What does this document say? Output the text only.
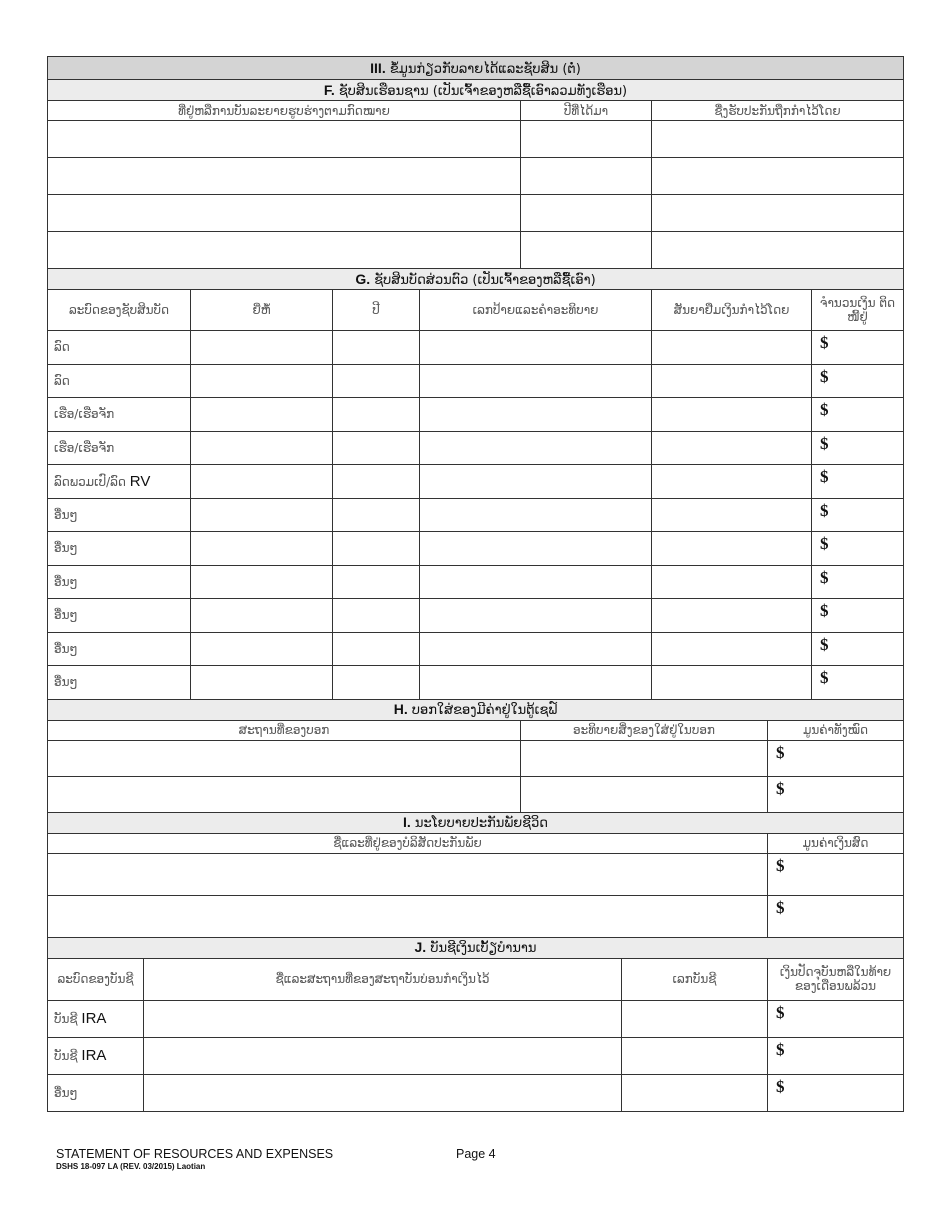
III. ຂໍ້ມູນກ່ຽວກັບລາຍໄດ້ແລະຊັບສິນ (ຕໍ່)		
F. ຊັບສິນເຮືອນຊານ (ເປັນເຈົ້າຂອງຫລືຊື້ເອົາລວມທັງເຮືອນ)		
ທີ່ຢູ່ຫລືການບັນລະຍາຍຮູບຮ່າງຕາມກົດໝາຍ	ປີທີ່ໄດ້ມາ	ຊື່ງຮັບປະກັນຖືກກຳໄວ້ໂດຍ

G. ຊັບສິນບັດສ່ວນຕົວ (ເປັນເຈົ້າຂອງຫລືຊື້ເອົາ)					
ລະບົດຂອງຊັບສິນບັດ	ຍີ່ຫໍ້	ປີ	ເລກປ້າຍແລະຄຳອະທິບາຍ	ສັນຍາຢືມເງິນກຳໄວ້ໂດຍ	ຈຳນວນເງິນ ຕິດໜີ້ຢູ່
ລົດ					$
ລົດ					$
ເຮືອ/ເຮືອຈັກ					$
ເຮືອ/ເຮືອຈັກ					$
ລົດພວມເປົ/ລົດ RV					$
ອື່ນໆ					$
ອື່ນໆ					$
ອື່ນໆ					$
ອື່ນໆ					$
ອື່ນໆ					$
ອື່ນໆ					$
H. ບອກໃສ່ຂອງມີຄ່າຢູ່ໃນຕູ້ເຊຟ໌		
ສະຖານທີ່ຂອງບອກ	ອະທິບາຍສິ່ງຂອງໃສ່ຢູ່ໃນບອກ	ມູນຄ່າທັງໝົດ
		$
		$
I. ນະໂຍບາຍປະກັນພັຍຊີວິດ	
ຊື່ແລະທີ່ຢູ່ຂອງບໍລິສັດປະກັນພັຍ	ມູນຄ່າເງິນສົດ
	$
	$
J. ບັນຊີເງິນເບັ້ຽບຳນານ			
ລະບົດຂອງບັນຊີ	ຊື່ແລະສະຖານທີ່ຂອງສະຖາບັນບ່ອນກຳເງິນໄວ້	ເລກບັນຊີ	ເງິນປັດຈຸບັນຫລືໃນທ້າຍ ຂອງເດືອນພລ້ວນ
ບັນຊີ IRA			$
ບັນຊີ IRA			$
ອື່ນໆ			$
STATEMENT OF RESOURCES AND EXPENSES	Page 4
DSHS 18-097 LA (REV. 03/2015) Laotian
